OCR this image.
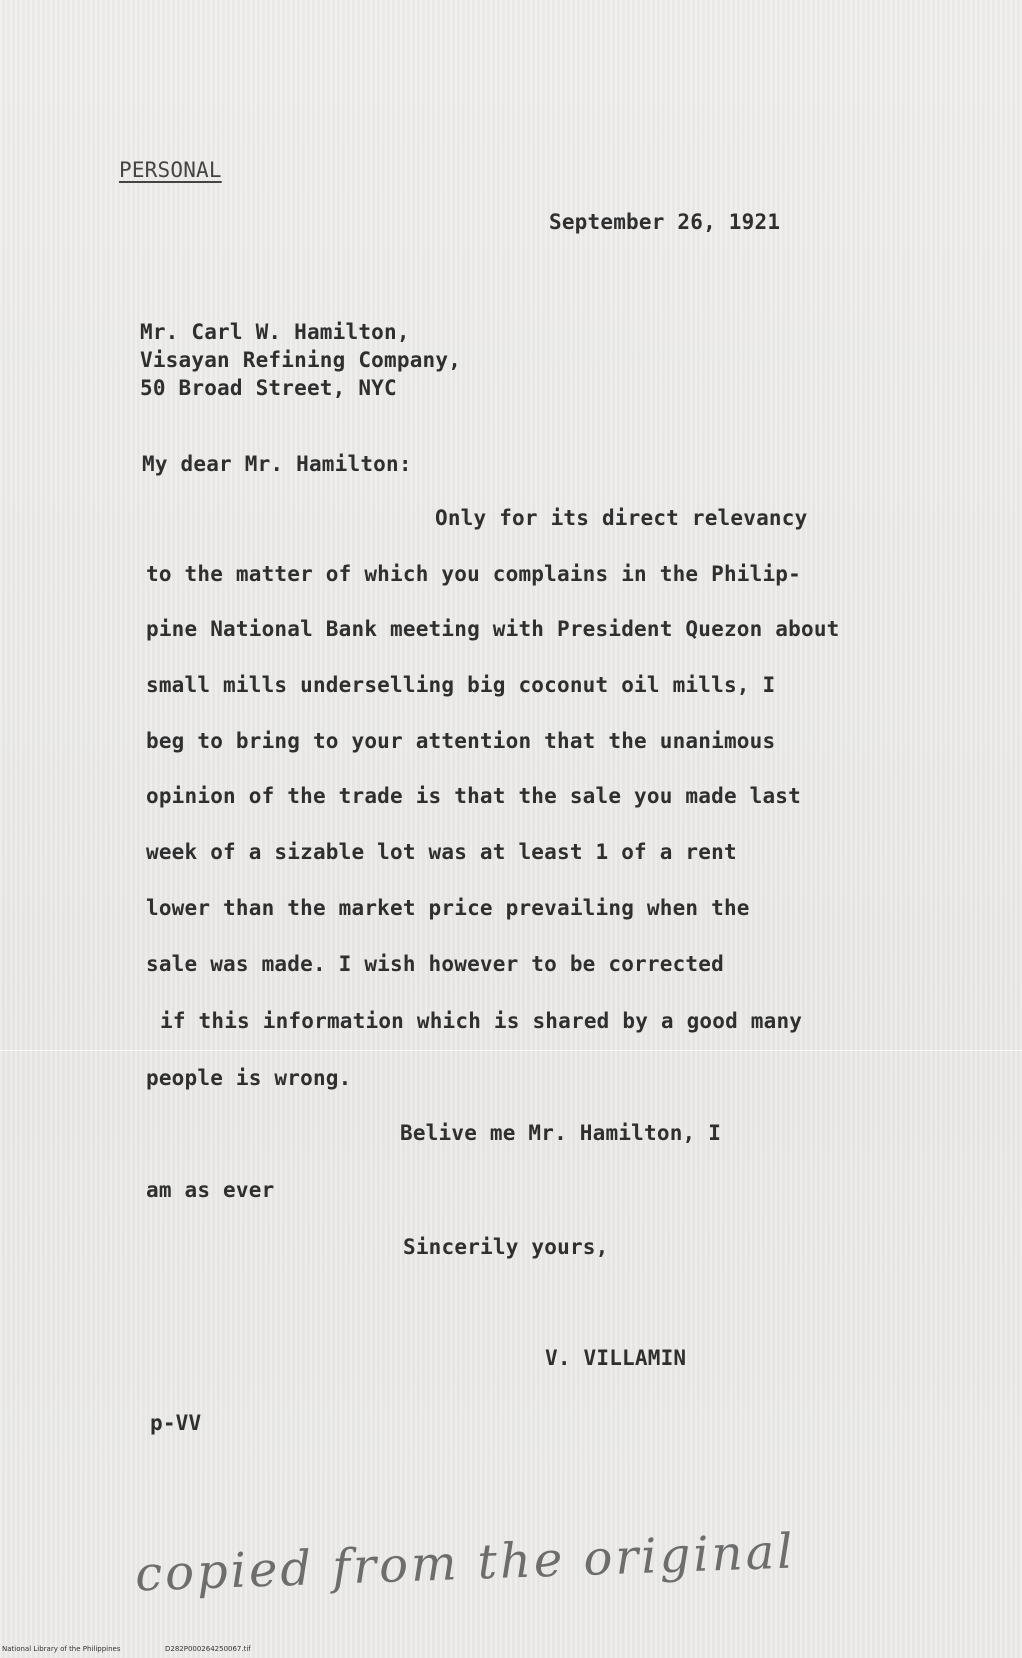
PERSONAL
September 26, 1921
Mr. Carl W. Hamilton,
Visayan Refining Company,
50 Broad Street, NYC
My dear Mr. Hamilton:
Only for its direct relevancy
to the matter of which you complains in the Philip-
pine National Bank meeting with President Quezon about
small mills underselling big coconut oil mills, I
beg to bring to your attention that the unanimous
opinion of the trade is that the sale you made last
week of a sizable lot was at least 1 of a rent
lower than the market price prevailing when the
sale was made. I wish however to be corrected
if this information which is shared by a good many
people is wrong.
Belive me Mr. Hamilton, I
am as ever
Sincerily yours,
V. VILLAMIN
p-VV
copied from the original
National Library of the Philippines	D282P000264250067.tif
